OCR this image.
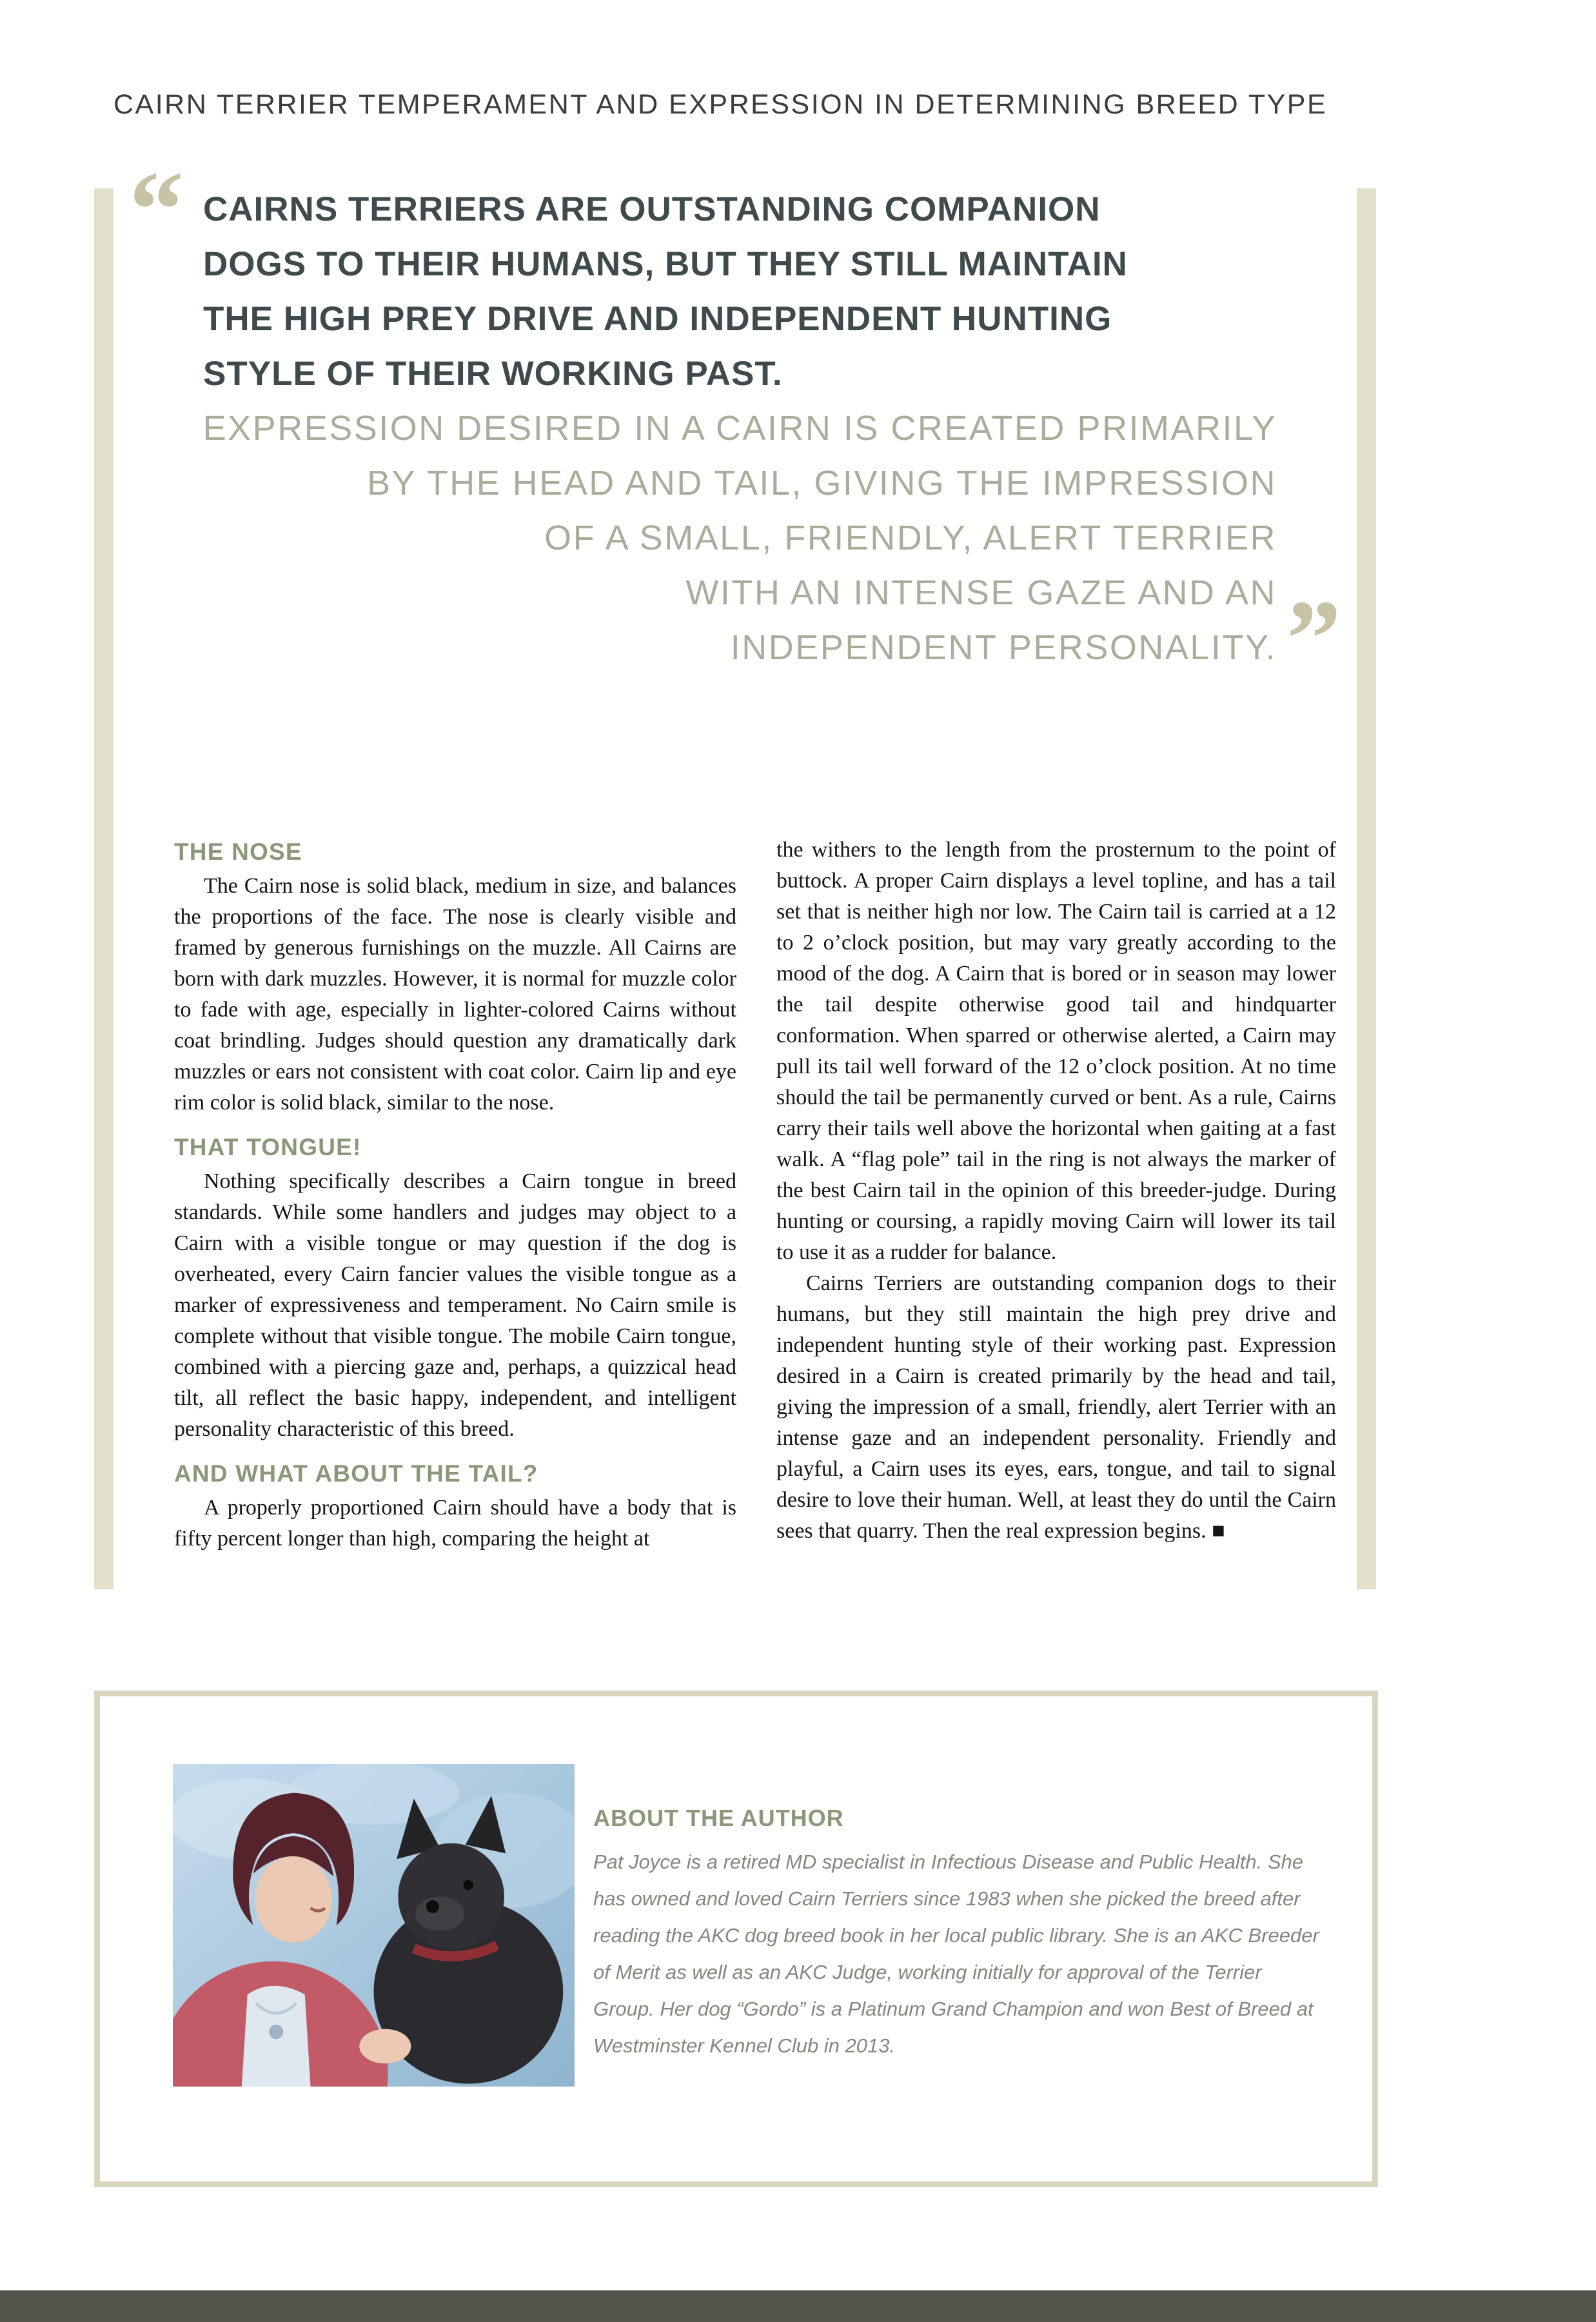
CAIRN TERRIER TEMPERAMENT AND EXPRESSION IN DETERMINING BREED TYPE
“ CAIRNS TERRIERS ARE OUTSTANDING COMPANION
DOGS TO THEIR HUMANS, BUT THEY STILL MAINTAIN
THE HIGH PREY DRIVE AND INDEPENDENT HUNTING
STYLE OF THEIR WORKING PAST.
EXPRESSION DESIRED IN A CAIRN IS CREATED PRIMARILY
BY THE HEAD AND TAIL, GIVING THE IMPRESSION
OF A SMALL, FRIENDLY, ALERT TERRIER
WITH AN INTENSE GAZE AND AN
INDEPENDENT PERSONALITY. ”
THE NOSE

The Cairn nose is solid black, medium in size, and balances the proportions of the face. The nose is clearly visible and framed by generous furnishings on the muzzle. All Cairns are born with dark muzzles. However, it is normal for muzzle color to fade with age, especially in lighter-colored Cairns without coat brindling. Judges should question any dramatically dark muzzles or ears not consistent with coat color. Cairn lip and eye rim color is solid black, similar to the nose.

THAT TONGUE!

Nothing specifically describes a Cairn tongue in breed standards. While some handlers and judges may object to a Cairn with a visible tongue or may question if the dog is overheated, every Cairn fancier values the visible tongue as a marker of expressiveness and temperament. No Cairn smile is complete without that visible tongue. The mobile Cairn tongue, combined with a piercing gaze and, perhaps, a quizzical head tilt, all reflect the basic happy, independent, and intelligent personality characteristic of this breed.

AND WHAT ABOUT THE TAIL?

A properly proportioned Cairn should have a body that is fifty percent longer than high, comparing the height at

the withers to the length from the prosternum to the point of buttock. A proper Cairn displays a level topline, and has a tail set that is neither high nor low. The Cairn tail is carried at a 12 to 2 o’clock position, but may vary greatly according to the mood of the dog. A Cairn that is bored or in season may lower the tail despite otherwise good tail and hindquarter conformation. When sparred or otherwise alerted, a Cairn may pull its tail well forward of the 12 o’clock position. At no time should the tail be permanently curved or bent. As a rule, Cairns carry their tails well above the horizontal when gaiting at a fast walk. A “flag pole” tail in the ring is not always the marker of the best Cairn tail in the opinion of this breeder-judge. During hunting or coursing, a rapidly moving Cairn will lower its tail to use it as a rudder for balance.

Cairns Terriers are outstanding companion dogs to their humans, but they still maintain the high prey drive and independent hunting style of their working past. Expression desired in a Cairn is created primarily by the head and tail, giving the impression of a small, friendly, alert Terrier with an intense gaze and an independent personality. Friendly and playful, a Cairn uses its eyes, ears, tongue, and tail to signal desire to love their human. Well, at least they do until the Cairn sees that quarry. Then the real expression begins. ■

ABOUT THE AUTHOR

Pat Joyce is a retired MD specialist in Infectious Disease and Public Health. She has owned and loved Cairn Terriers since 1983 when she picked the breed after reading the AKC dog breed book in her local public library. She is an AKC Breeder of Merit as well as an AKC Judge, working initially for approval of the Terrier Group. Her dog “Gordo” is a Platinum Grand Champion and won Best of Breed at Westminster Kennel Club in 2013.
